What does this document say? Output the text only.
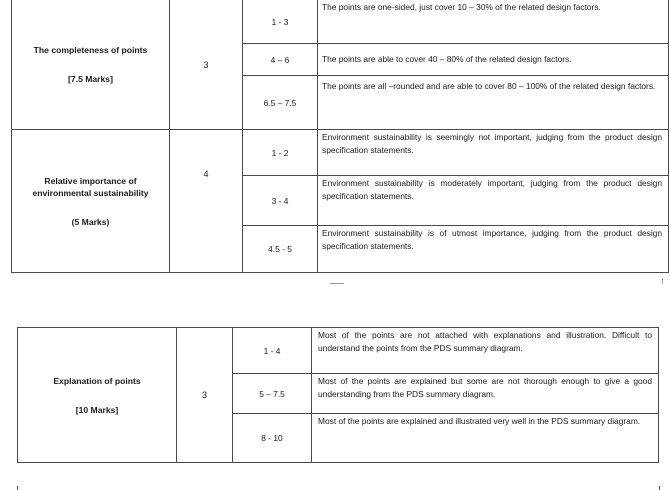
The completeness of points

[7.5 Marks]	3	1 - 3	The points are one-sided, just cover 10 – 30% of the related design factors.
		4 – 6	The points are able to cover 40 – 80% of the related design factors.
		6.5 – 7.5	The points are all –rounded and are able to cover 80 – 100% of the related design factors.

Relative importance of environmental sustainability

(5 Marks)	4	1 - 2	Environment sustainability is seemingly not important, judging from the product design specification statements.
		3 - 4	Environment sustainability is moderately important, judging from the product design specification statements.
		4.5 - 5	Environment sustainability is of utmost importance, judging from the product design specification statements.

Explanation of points

[10 Marks]	3	1 - 4	Most of the points are not attached with explanations and illustration. Difficult to understand the points from the PDS summary diagram.
		5 – 7.5	Most of the points are explained but some are not thorough enough to give a good understanding from the PDS summary diagram.
		8 - 10	Most of the points are explained and illustrated very well in the PDS summary diagram.
